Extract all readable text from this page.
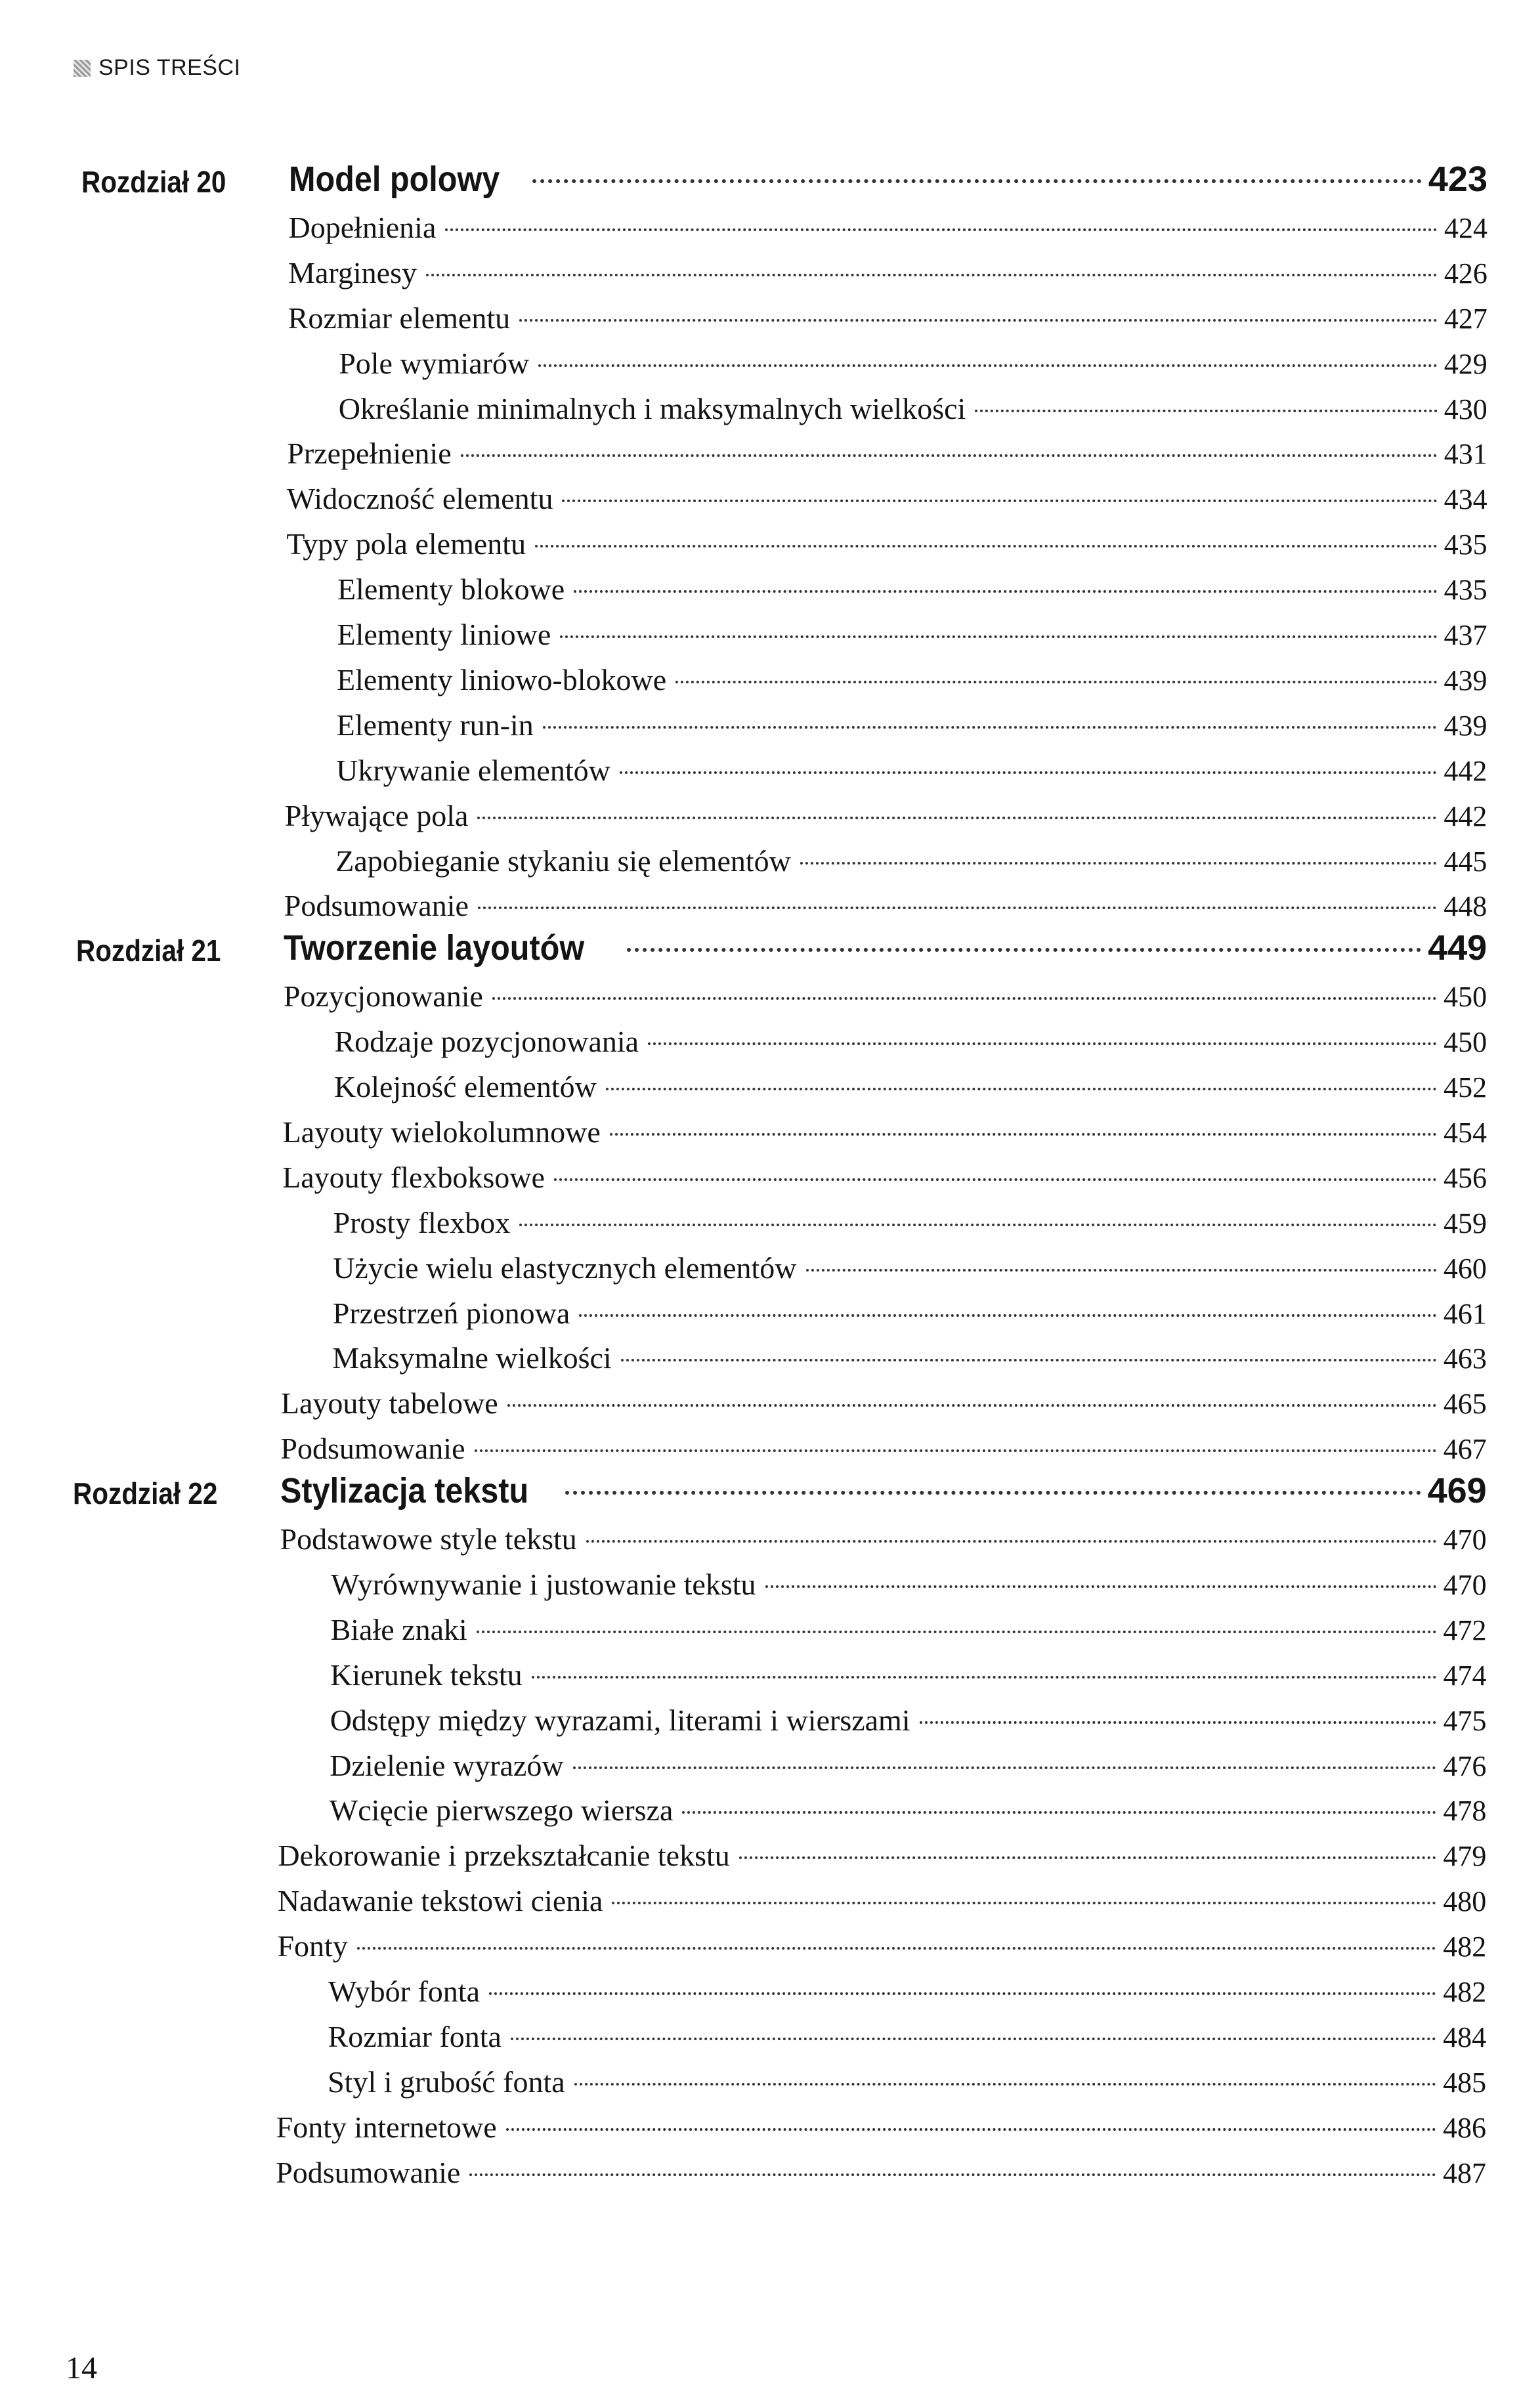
SPIS TREŚCI
Rozdział 20 Model polowy	423
Dopełnienia	424
Marginesy	426
Rozmiar elementu	427
Pole wymiarów	429
Określanie minimalnych i maksymalnych wielkości	430
Przepełnienie	431
Widoczność elementu	434
Typy pola elementu	435
Elementy blokowe	435
Elementy liniowe	437
Elementy liniowo-blokowe	439
Elementy run-in	439
Ukrywanie elementów	442
Pływające pola	442
Zapobieganie stykaniu się elementów	445
Podsumowanie	448
Rozdział 21 Tworzenie layoutów	449
Pozycjonowanie	450
Rodzaje pozycjonowania	450
Kolejność elementów	452
Layouty wielokolumnowe	454
Layouty flexboksowe	456
Prosty flexbox	459
Użycie wielu elastycznych elementów	460
Przestrzeń pionowa	461
Maksymalne wielkości	463
Layouty tabelowe	465
Podsumowanie	467
Rozdział 22 Stylizacja tekstu	469
Podstawowe style tekstu	470
Wyrównywanie i justowanie tekstu	470
Białe znaki	472
Kierunek tekstu	474
Odstępy między wyrazami, literami i wierszami	475
Dzielenie wyrazów	476
Wcięcie pierwszego wiersza	478
Dekorowanie i przekształcanie tekstu	479
Nadawanie tekstowi cienia	480
Fonty	482
Wybór fonta	482
Rozmiar fonta	484
Styl i grubość fonta	485
Fonty internetowe	486
Podsumowanie	487
14
